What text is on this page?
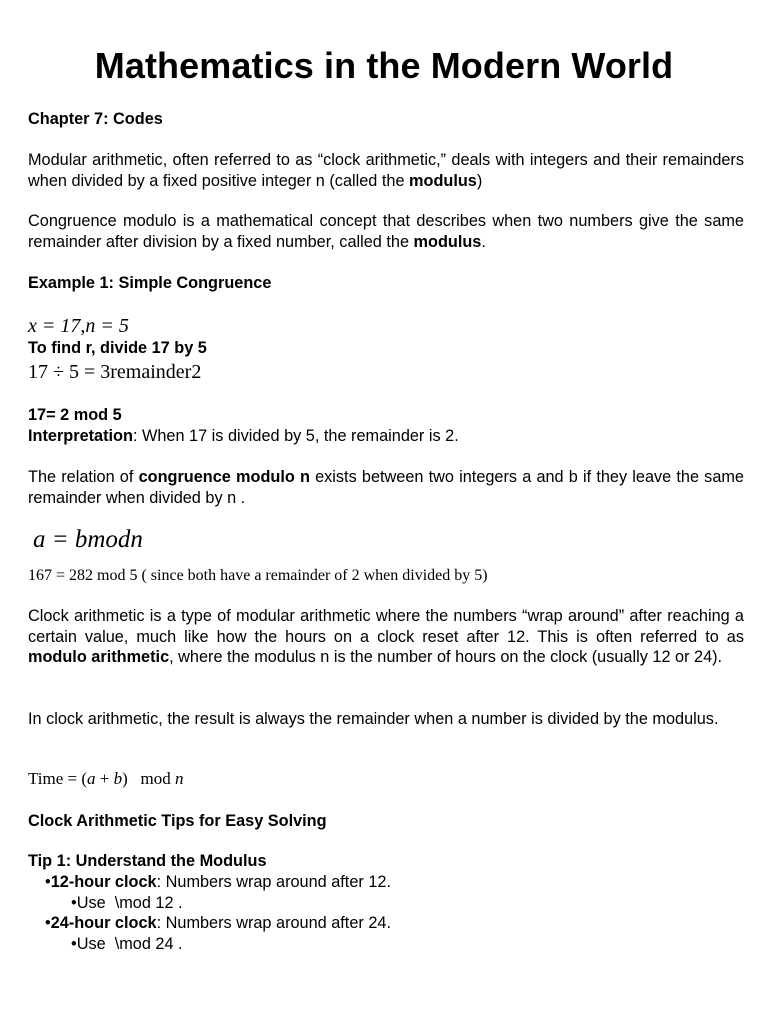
Mathematics in the Modern World
Chapter 7: Codes
Modular arithmetic, often referred to as “clock arithmetic,” deals with integers and their remainders when divided by a fixed positive integer n (called the modulus)
Congruence modulo is a mathematical concept that describes when two numbers give the same remainder after division by a fixed number, called the modulus.
Example 1: Simple Congruence
x = 17,n = 5
To find r, divide 17 by 5
17 ÷ 5 = 3remainder2
17= 2 mod 5
Interpretation: When 17 is divided by 5, the remainder is 2.
The relation of congruence modulo n exists between two integers a and b if they leave the same remainder when divided by n .
a = bmodn
167 = 282 mod 5 ( since both have a remainder of 2 when divided by 5)
Clock arithmetic is a type of modular arithmetic where the numbers “wrap around” after reaching a certain value, much like how the hours on a clock reset after 12. This is often referred to as modulo arithmetic, where the modulus n is the number of hours on the clock (usually 12 or 24).
In clock arithmetic, the result is always the remainder when a number is divided by the modulus.
Time = (a + b)   mod n
Clock Arithmetic Tips for Easy Solving
Tip 1: Understand the Modulus
•12-hour clock: Numbers wrap around after 12.
•Use  \mod 12 .
•24-hour clock: Numbers wrap around after 24.
•Use  \mod 24 .
